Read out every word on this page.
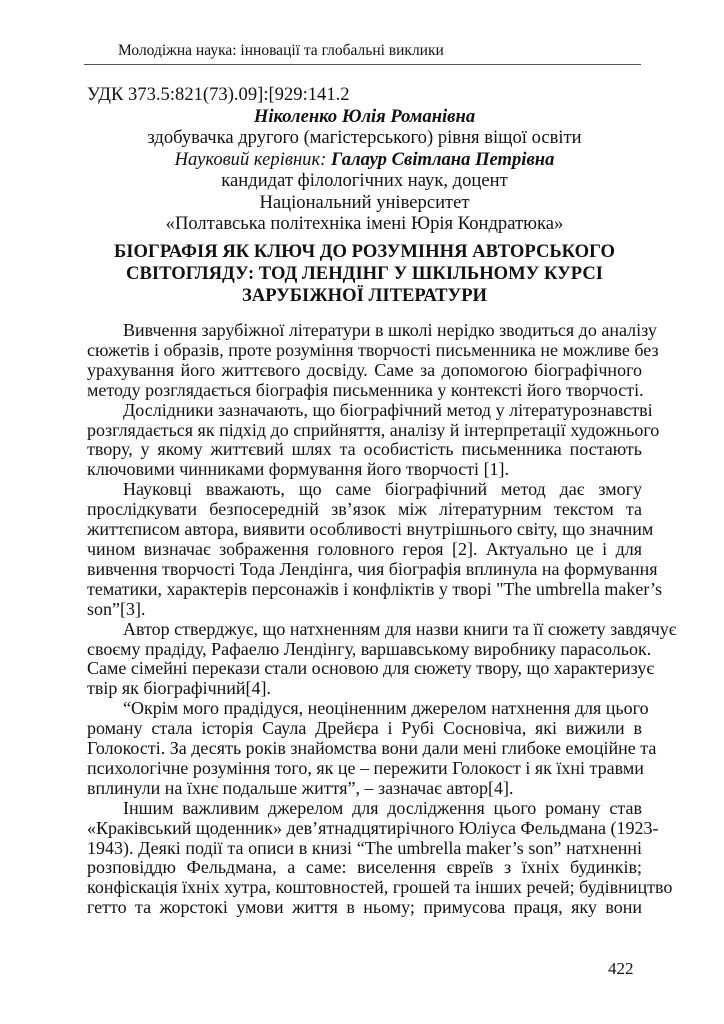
Молодіжна наука: інновації та глобальні виклики
УДК 373.5:821(73).09]:[929:141.2
Ніколенко Юлія Романівна
здобувачка другого (магістерського) рівня віщої освіти
Науковий керівник: Галаур Світлана Петрівна
кандидат філологічних наук, доцент
Національний університет
«Полтавська політехніка імені Юрія Кондратюка»
БІОГРАФІЯ ЯК КЛЮЧ ДО РОЗУМІННЯ АВТОРСЬКОГО
СВІТОГЛЯДУ: ТОД ЛЕНДІНГ У ШКІЛЬНОМУ КУРСІ
ЗАРУБІЖНОЇ ЛІТЕРАТУРИ
Вивчення зарубіжної літератури в школі нерідко зводиться до аналізу
сюжетів і образів, проте розуміння творчості письменника не можливе без
урахування його життєвого досвіду. Саме за допомогою біографічного
методу розглядається біографія письменника у контексті його творчості.
Дослідники зазначають, що біографічний метод у літературознавстві
розглядається як підхід до сприйняття, аналізу й інтерпретації художнього
твору, у якому життєвий шлях та особистість письменника постають
ключовими чинниками формування його творчості [1].
Науковці вважають, що саме біографічний метод дає змогу
прослідкувати безпосередній зв’язок між літературним текстом та
життєписом автора, виявити особливості внутрішнього світу, що значним
чином визначає зображення головного героя [2]. Актуально це і для
вивчення творчості Тода Лендінга, чия біографія вплинула на формування
тематики, характерів персонажів і конфліктів у творі "The umbrella maker’s
son”[3].
Автор стверджує, що натхненням для назви книги та її сюжету завдячує
своєму прадіду, Рафаелю Лендінгу, варшавському виробнику парасольок.
Саме сімейні перекази стали основою для сюжету твору, що характеризує
твір як біографічний[4].
“Окрім мого прадідуся, неоціненним джерелом натхнення для цього
роману стала історія Саула Дрейєра і Рубі Сосновіча, які вижили в
Голокості. За десять років знайомства вони дали мені глибоке емоційне та
психологічне розуміння того, як це – пережити Голокост і як їхні травми
вплинули на їхнє подальше життя”, – зазначає автор[4].
Іншим важливим джерелом для дослідження цього роману став
«Краківський щоденник» дев’ятнадцятирічного Юліуса Фельдмана (1923-
1943). Деякі події та описи в книзі “The umbrella maker’s son” натхненні
розповіддю Фельдмана, а саме: виселення євреїв з їхніх будинків;
конфіскація їхніх хутра, коштовностей, грошей та інших речей; будівництво
гетто та жорстокі умови життя в ньому; примусова праця, яку вони
422
